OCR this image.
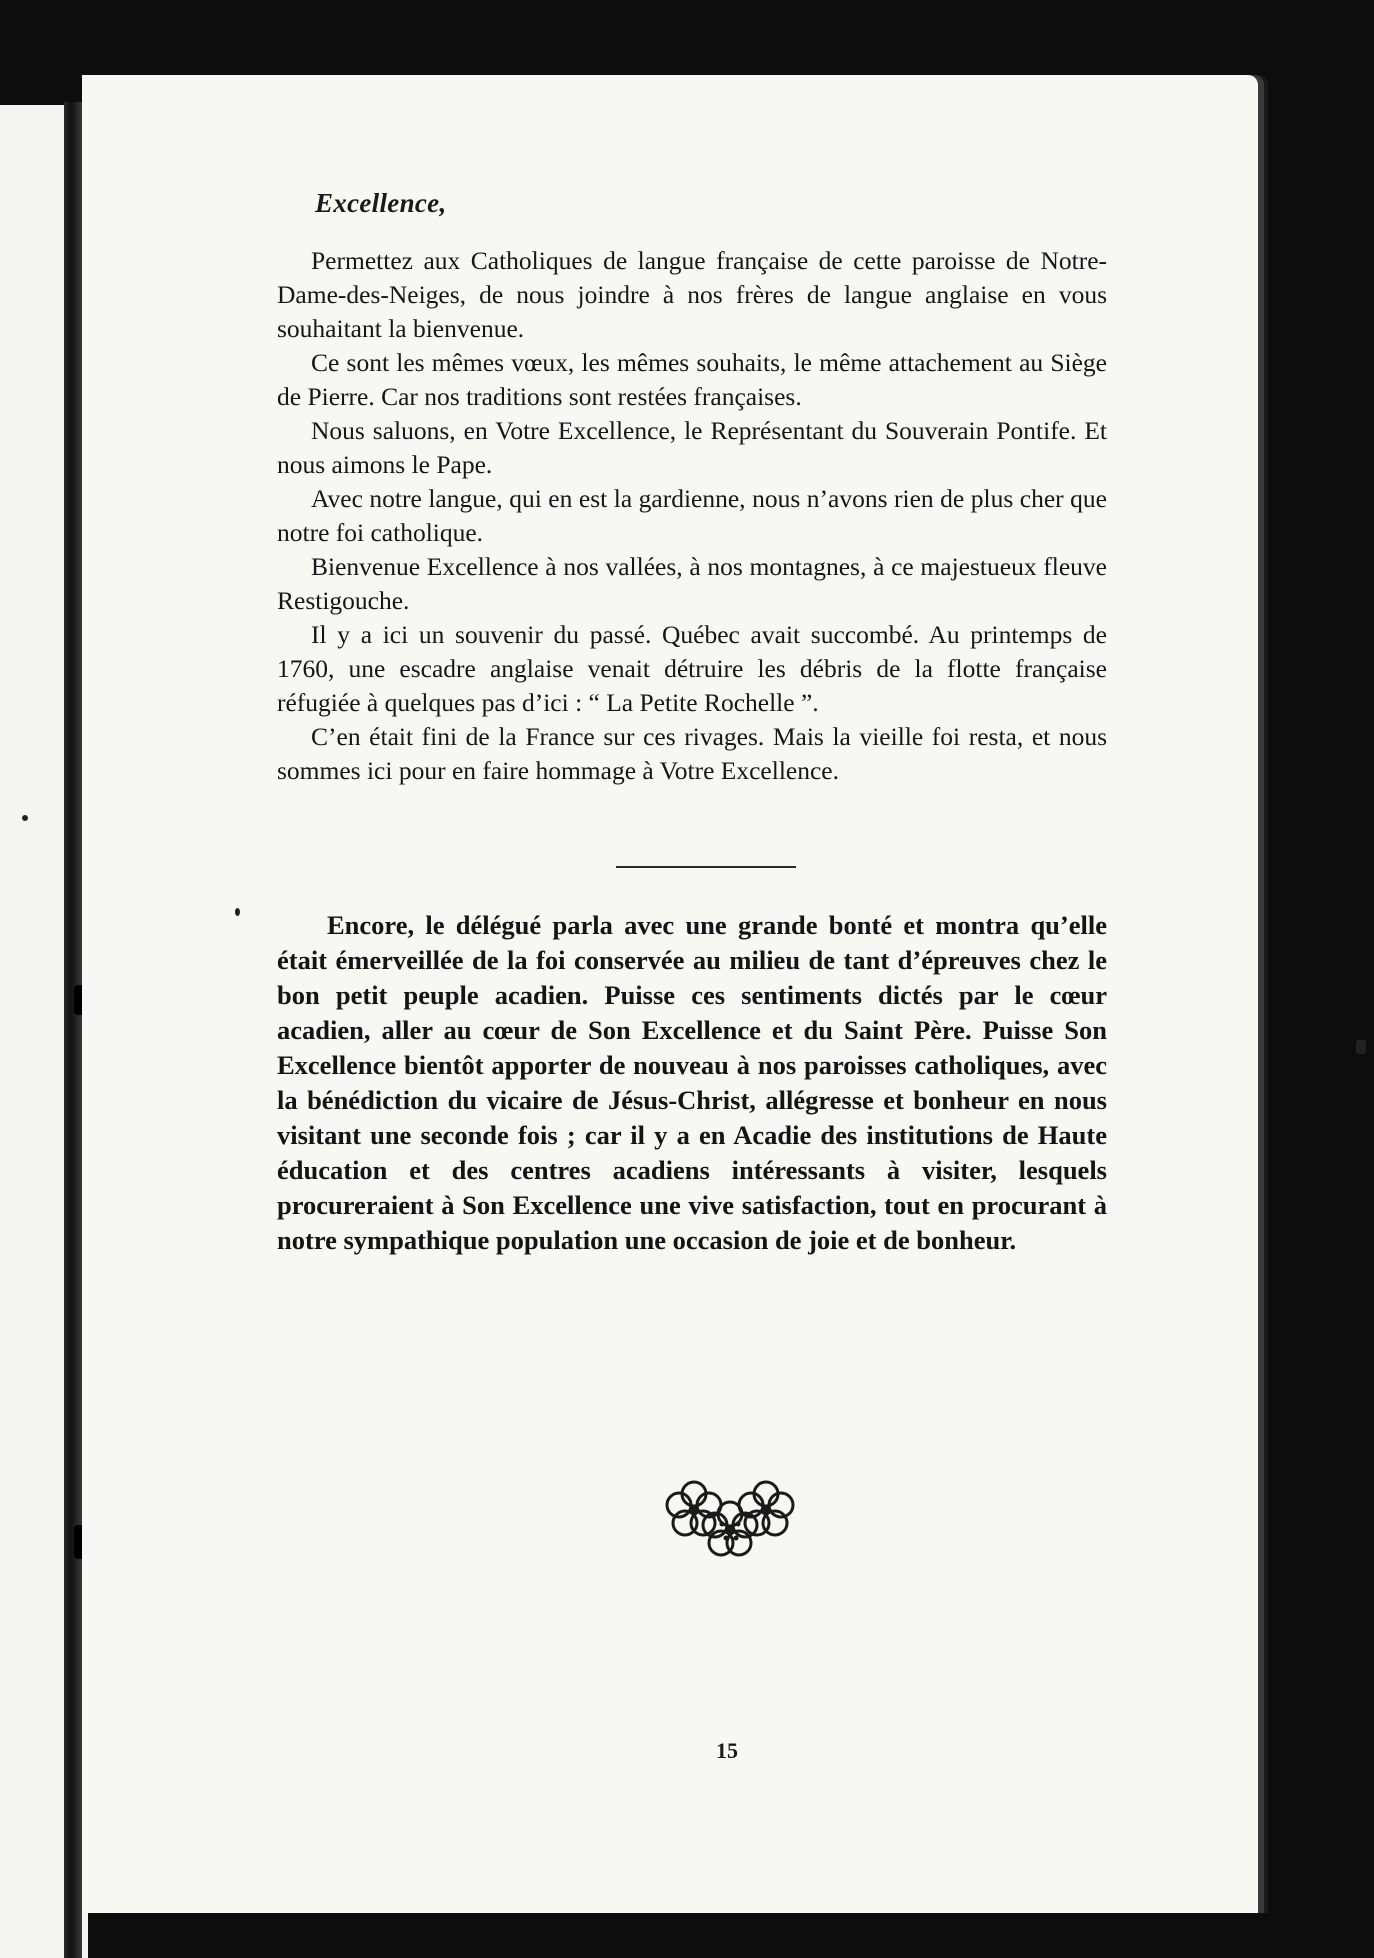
Excellence,

Permettez aux Catholiques de langue française de cette paroisse de Notre-Dame-des-Neiges, de nous joindre à nos frères de langue anglaise en vous souhaitant la bienvenue.

Ce sont les mêmes vœux, les mêmes souhaits, le même attachement au Siège de Pierre. Car nos traditions sont restées françaises.

Nous saluons, en Votre Excellence, le Représentant du Souverain Pontife. Et nous aimons le Pape.

Avec notre langue, qui en est la gardienne, nous n’avons rien de plus cher que notre foi catholique.

Bienvenue Excellence à nos vallées, à nos montagnes, à ce majestueux fleuve Restigouche.

Il y a ici un souvenir du passé. Québec avait succombé. Au printemps de 1760, une escadre anglaise venait détruire les débris de la flotte française réfugiée à quelques pas d’ici : “ La Petite Rochelle ”.

C’en était fini de la France sur ces rivages. Mais la vieille foi resta, et nous sommes ici pour en faire hommage à Votre Excellence.

Encore, le délégué parla avec une grande bonté et montra qu’elle était émerveillée de la foi conservée au milieu de tant d’épreuves chez le bon petit peuple acadien. Puisse ces sentiments dictés par le cœur acadien, aller au cœur de Son Excellence et du Saint Père. Puisse Son Excellence bientôt apporter de nouveau à nos paroisses catholiques, avec la bénédiction du vicaire de Jésus-Christ, allégresse et bonheur en nous visitant une seconde fois ; car il y a en Acadie des institutions de Haute éducation et des centres acadiens intéressants à visiter, lesquels procureraient à Son Excellence une vive satisfaction, tout en procurant à notre sympathique population une occasion de joie et de bonheur.

15
